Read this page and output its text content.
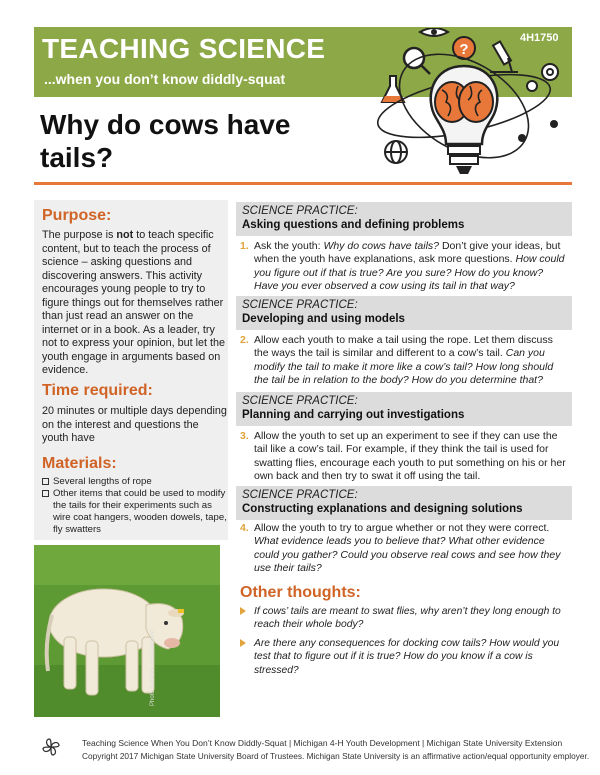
TEACHING SCIENCE
...when you don’t know diddly-squat
4H1750
?
Why do cows have tails?
Purpose:
The purpose is not to teach specific content, but to teach the process of science – asking questions and discovering answers. This activity encourages young people to try to figure things out for themselves rather than just read an answer on the internet or in a book. As a leader, try not to express your opinion, but let the youth engage in arguments based on evidence.
Time required:
20 minutes or multiple days depending on the interest and questions the youth have
Materials:
Several lengths of rope
Other items that could be used to modify the tails for their experiments such as wire coat hangers, wooden dowels, tape, fly swatters
Photo is iStock.com/Jevtovic
SCIENCE PRACTICE:
Asking questions and defining problems
1. Ask the youth: Why do cows have tails? Don’t give your ideas, but when the youth have explanations, ask more questions. How could you figure out if that is true? Are you sure? How do you know? Have you ever observed a cow using its tail in that way?
SCIENCE PRACTICE:
Developing and using models
2. Allow each youth to make a tail using the rope. Let them discuss the ways the tail is similar and different to a cow’s tail. Can you modify the tail to make it more like a cow’s tail? How long should the tail be in relation to the body? How do you determine that?
SCIENCE PRACTICE:
Planning and carrying out investigations
3. Allow the youth to set up an experiment to see if they can use the tail like a cow’s tail. For example, if they think the tail is used for swatting flies, encourage each youth to put something on his or her own back and then try to swat it off using the tail.
SCIENCE PRACTICE:
Constructing explanations and designing solutions
4. Allow the youth to try to argue whether or not they were correct. What evidence leads you to believe that? What other evidence could you gather? Could you observe real cows and see how they use their tails?
Other thoughts:
If cows’ tails are meant to swat flies, why aren’t they long enough to reach their whole body?
Are there any consequences for docking cow tails? How would you test that to figure out if it is true? How do you know if a cow is stressed?
Teaching Science When You Don’t Know Diddly-Squat | Michigan 4-H Youth Development | Michigan State University Extension
Copyright 2017 Michigan State University Board of Trustees. Michigan State University is an affirmative action/equal opportunity employer.
